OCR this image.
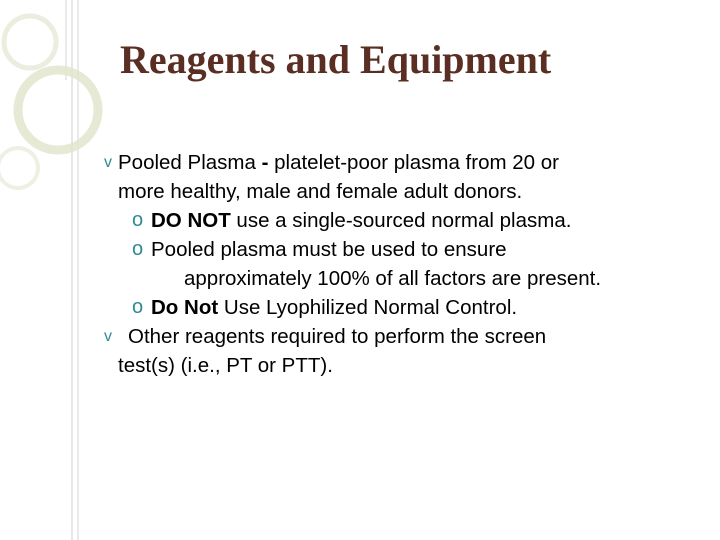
Reagents and Equipment
v Pooled Plasma - platelet-poor plasma from 20 or
more healthy, male and female adult donors.
o DO NOT use a single-sourced normal plasma.
o Pooled plasma must be used to ensure
approximately 100% of all factors are present.
o Do Not Use Lyophilized Normal Control.
v Other reagents required to perform the screen
test(s) (i.e., PT or PTT).
